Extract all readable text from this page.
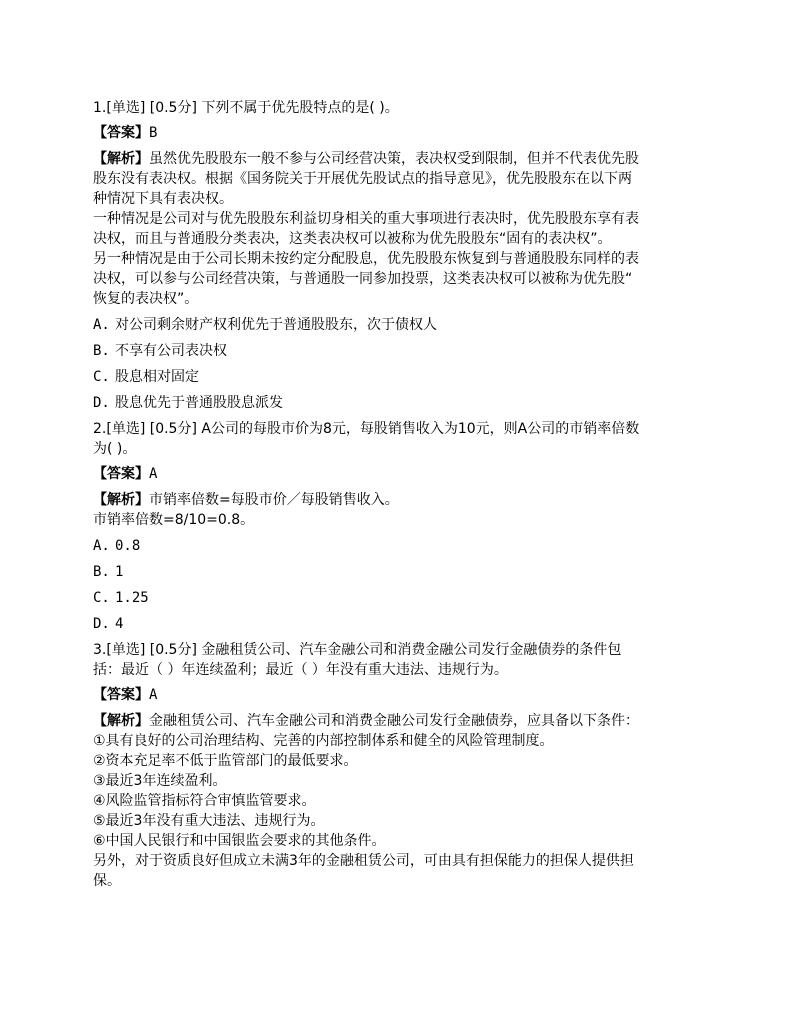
1.[单选] [0.5分] 下列不属于优先股特点的是( )。
【答案】B
【解析】虽然优先股股东一般不参与公司经营决策，表决权受到限制，但并不代表优先股
股东没有表决权。根据《国务院关于开展优先股试点的指导意见》，优先股股东在以下两
种情况下具有表决权。
一种情况是公司对与优先股股东利益切身相关的重大事项进行表决时，优先股股东享有表
决权，而且与普通股分类表决，这类表决权可以被称为优先股股东“固有的表决权”。
另一种情况是由于公司长期未按约定分配股息，优先股股东恢复到与普通股股东同样的表
决权，可以参与公司经营决策，与普通股一同参加投票，这类表决权可以被称为优先股“
恢复的表决权”。
A. 对公司剩余财产权利优先于普通股股东，次于债权人
B. 不享有公司表决权
C. 股息相对固定
D. 股息优先于普通股股息派发
2.[单选] [0.5分] A公司的每股市价为8元，每股销售收入为10元，则A公司的市销率倍数
为( )。
【答案】A
【解析】市销率倍数=每股市价／每股销售收入。
市销率倍数=8/10=0.8。
A. 0.8
B. 1
C. 1.25
D. 4
3.[单选] [0.5分] 金融租赁公司、汽车金融公司和消费金融公司发行金融债券的条件包
括：最近（ ）年连续盈利；最近（ ）年没有重大违法、违规行为。
【答案】A
【解析】金融租赁公司、汽车金融公司和消费金融公司发行金融债券，应具备以下条件：
①具有良好的公司治理结构、完善的内部控制体系和健全的风险管理制度。
②资本充足率不低于监管部门的最低要求。
③最近3年连续盈利。
④风险监管指标符合审慎监管要求。
⑤最近3年没有重大违法、违规行为。
⑥中国人民银行和中国银监会要求的其他条件。
另外，对于资质良好但成立未满3年的金融租赁公司，可由具有担保能力的担保人提供担
保。
